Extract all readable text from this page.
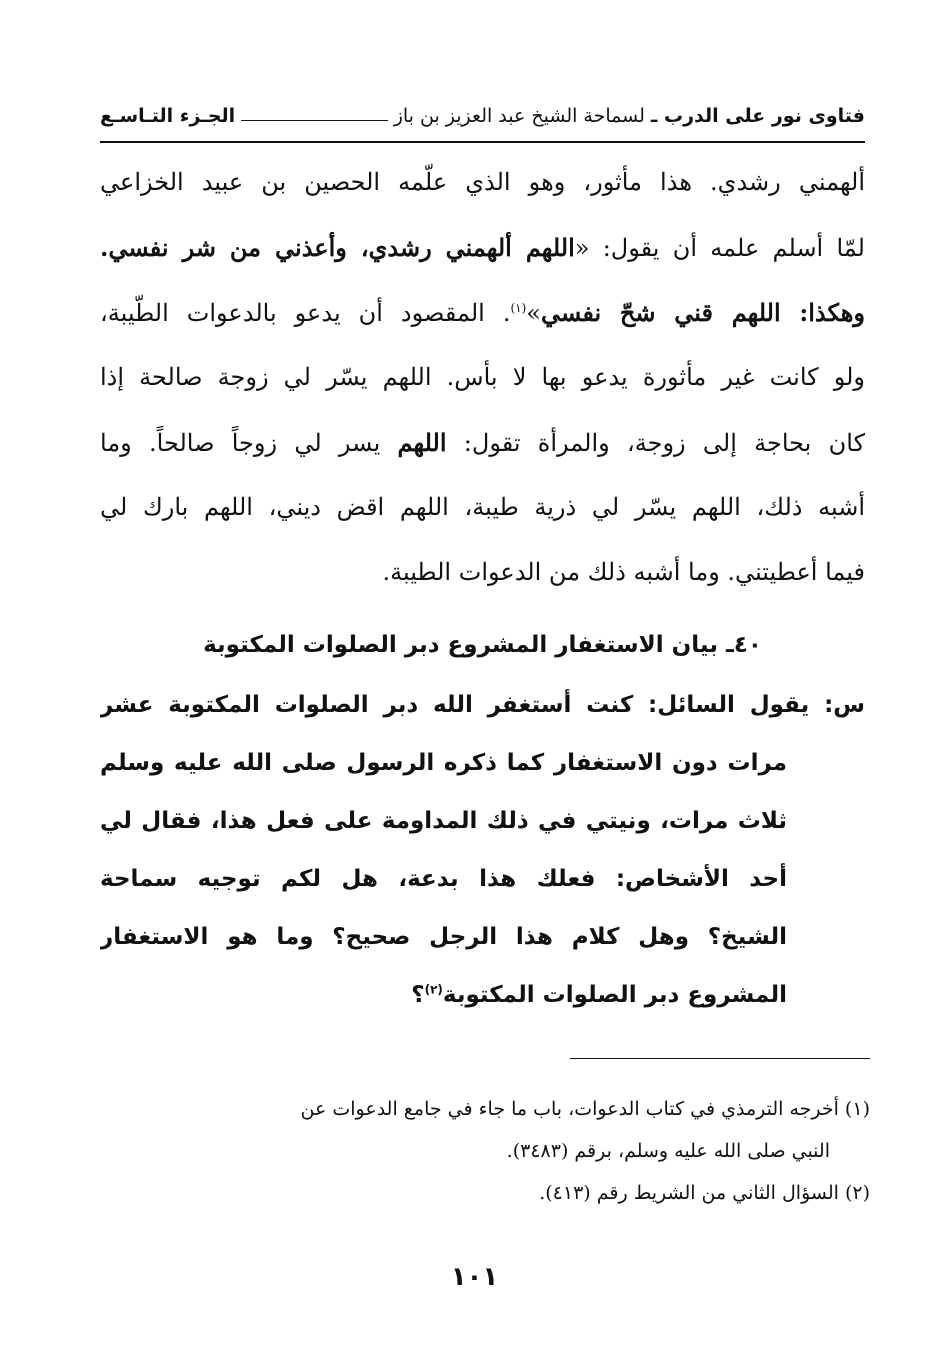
فتاوى نور على الدرب ـ
لسماحة الشيخ عبد العزيز بن باز
الجـزء التـاسـع

ألهمني رشدي. هذا مأثور، وهو الذي علّمه الحصين بن عبيد الخزاعي

لمّا أسلم علمه أن يقول: «اللهم ألهمني رشدي، وأعذني من شر نفسي.

وهكذا: اللهم قني شحّ نفسي»$^{(١)}$. المقصود أن يدعو بالدعوات الطّيبة،

ولو كانت غير مأثورة يدعو بها لا بأس. اللهم يسّر لي زوجة صالحة إذا

كان بحاجة إلى زوجة، والمرأة تقول: اللهم يسر لي زوجاً صالحاً. وما

أشبه ذلك، اللهم يسّر لي ذرية طيبة، اللهم اقض ديني، اللهم بارك لي

فيما أعطيتني. وما أشبه ذلك من الدعوات الطيبة.

٤٠ـ بيان الاستغفار المشروع دبر الصلوات المكتوبة

س: يقول السائل: كنت أستغفر الله دبر الصلوات المكتوبة عشر

مرات دون الاستغفار كما ذكره الرسول صلى الله عليه وسلم

ثلاث مرات، ونيتي في ذلك المداومة على فعل هذا، فقال لي

أحد الأشخاص: فعلك هذا بدعة، هل لكم توجيه سماحة

الشيخ؟ وهل كلام هذا الرجل صحيح؟ وما هو الاستغفار

المشروع دبر الصلوات المكتوبة$^{(٢)}$؟

(١) أخرجه الترمذي في كتاب الدعوات، باب ما جاء في جامع الدعوات عن

النبي صلى الله عليه وسلم، برقم (٣٤٨٣).

(٢) السؤال الثاني من الشريط رقم (٤١٣).

١٠١
